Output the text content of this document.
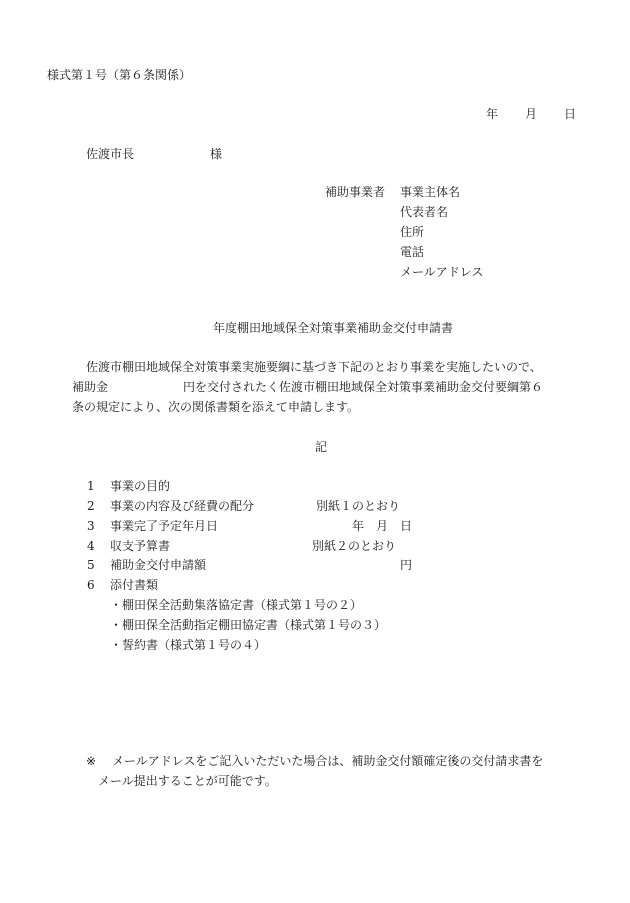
様式第１号（第６条関係）
年 月 日
佐渡市長	様
補助事業者 事業主体名
代表者名
住所
電話
メールアドレス
年度棚田地域保全対策事業補助金交付申請書
佐渡市棚田地域保全対策事業実施要綱に基づき下記のとおり事業を実施したいので、
補助金	円を交付されたく佐渡市棚田地域保全対策事業補助金交付要綱第６
条の規定により、次の関係書類を添えて申請します。
記
1 事業の目的
2 事業の内容及び経費の配分	別紙１のとおり
3 事業完了予定年月日	年　月　日
4 収支予算書	別紙２のとおり
5 補助金交付申請額	円
6 添付書類
・棚田保全活動集落協定書（様式第１号の２）
・棚田保全活動指定棚田協定書（様式第１号の３）
・誓約書（様式第１号の４）
※ メールアドレスをご記入いただいた場合は、補助金交付額確定後の交付請求書を
メール提出することが可能です。
